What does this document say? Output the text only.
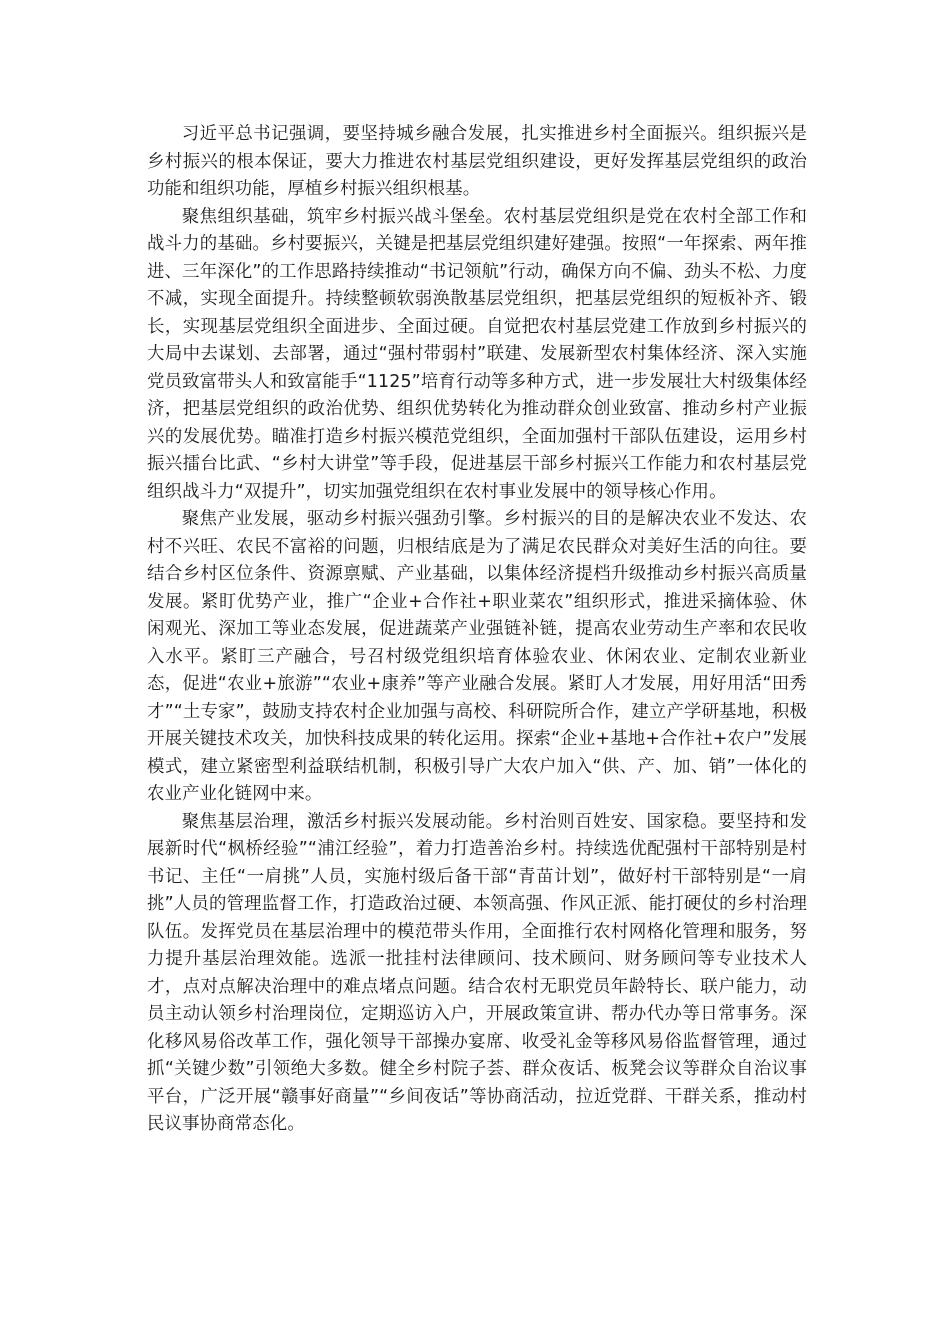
习近平总书记强调，要坚持城乡融合发展，扎实推进乡村全面振兴。组织振兴是乡村振兴的根本保证，要大力推进农村基层党组织建设，更好发挥基层党组织的政治功能和组织功能，厚植乡村振兴组织根基。

聚焦组织基础，筑牢乡村振兴战斗堡垒。农村基层党组织是党在农村全部工作和战斗力的基础。乡村要振兴，关键是把基层党组织建好建强。按照“一年探索、两年推进、三年深化”的工作思路持续推动“书记领航”行动，确保方向不偏、劲头不松、力度不减，实现全面提升。持续整顿软弱涣散基层党组织，把基层党组织的短板补齐、锻长，实现基层党组织全面进步、全面过硬。自觉把农村基层党建工作放到乡村振兴的大局中去谋划、去部署，通过“强村带弱村”联建、发展新型农村集体经济、深入实施党员致富带头人和致富能手“1125”培育行动等多种方式，进一步发展壮大村级集体经济，把基层党组织的政治优势、组织优势转化为推动群众创业致富、推动乡村产业振兴的发展优势。瞄准打造乡村振兴模范党组织，全面加强村干部队伍建设，运用乡村振兴擂台比武、“乡村大讲堂”等手段，促进基层干部乡村振兴工作能力和农村基层党组织战斗力“双提升”，切实加强党组织在农村事业发展中的领导核心作用。

聚焦产业发展，驱动乡村振兴强劲引擎。乡村振兴的目的是解决农业不发达、农村不兴旺、农民不富裕的问题，归根结底是为了满足农民群众对美好生活的向往。要结合乡村区位条件、资源禀赋、产业基础，以集体经济提档升级推动乡村振兴高质量发展。紧盯优势产业，推广“企业+合作社+职业菜农”组织形式，推进采摘体验、休闲观光、深加工等业态发展，促进蔬菜产业强链补链，提高农业劳动生产率和农民收入水平。紧盯三产融合，号召村级党组织培育体验农业、休闲农业、定制农业新业态，促进“农业+旅游”“农业+康养”等产业融合发展。紧盯人才发展，用好用活“田秀才”“土专家”，鼓励支持农村企业加强与高校、科研院所合作，建立产学研基地，积极开展关键技术攻关，加快科技成果的转化运用。探索“企业+基地+合作社+农户”发展模式，建立紧密型利益联结机制，积极引导广大农户加入“供、产、加、销”一体化的农业产业化链网中来。

聚焦基层治理，激活乡村振兴发展动能。乡村治则百姓安、国家稳。要坚持和发展新时代“枫桥经验”“浦江经验”，着力打造善治乡村。持续选优配强村干部特别是村书记、主任“一肩挑”人员，实施村级后备干部“青苗计划”，做好村干部特别是“一肩挑”人员的管理监督工作，打造政治过硬、本领高强、作风正派、能打硬仗的乡村治理队伍。发挥党员在基层治理中的模范带头作用，全面推行农村网格化管理和服务，努力提升基层治理效能。选派一批挂村法律顾问、技术顾问、财务顾问等专业技术人才，点对点解决治理中的难点堵点问题。结合农村无职党员年龄特长、联户能力，动员主动认领乡村治理岗位，定期巡访入户，开展政策宣讲、帮办代办等日常事务。深化移风易俗改革工作，强化领导干部操办宴席、收受礼金等移风易俗监督管理，通过抓“关键少数”引领绝大多数。健全乡村院子荟、群众夜话、板凳会议等群众自治议事平台，广泛开展“赣事好商量”“乡间夜话”等协商活动，拉近党群、干群关系，推动村民议事协商常态化。
